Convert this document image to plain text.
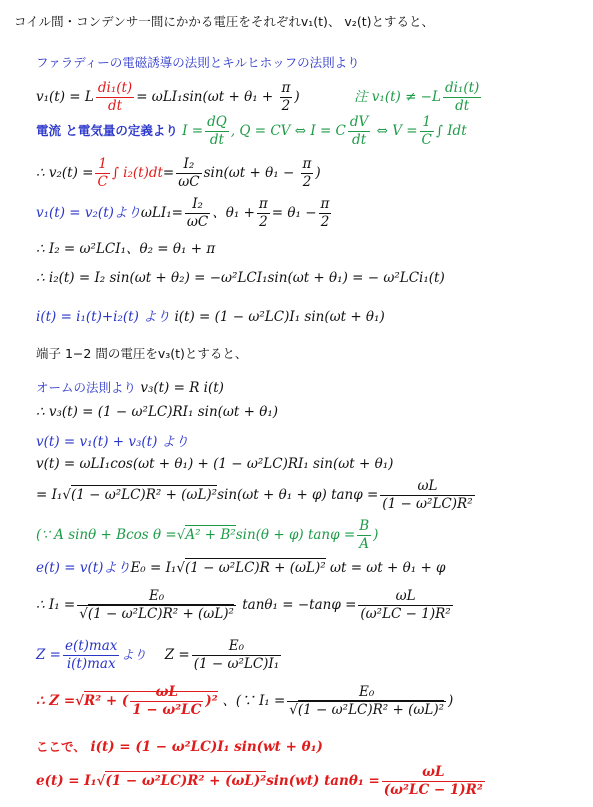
コイル間・コンデンサ一間にかかる電圧をそれぞれv₁(t)、 v₂(t)とすると、
ファラディーの電磁誘導の法則とキルヒホッフの法則より
v₁(t) = L $\frac{\text{di₁(t)}}{dt} = \omega LI_1\sin(\omega t + \theta_1 + \frac{\pi}{2}$ )	注 $v_1(t) \ne -L \frac{\text{di₁(t)}}{dt}$
電流 と電気量の定義より $I = \frac{dQ}{dt}$ , Q = CV ⇔ I = C $\frac{dV}{dt}$ ⇔ $V = \frac{1}{C}$ ∫ Idt
∴ $v_2(t) = \frac{1}{C}$ ∫ $i_2(t)dt= \frac{\text{I₂}}{\omega C} \sin(\omega t + \theta_1 - \frac{\pi}{2}$ )
v₁(t) = v₂(t)より$\omega LI_1= \frac{\text{I₂}}{\omega C}$ 、$\theta_1 + \frac{\pi}{2} = \theta_1 - \frac{\pi}{2}$
∴ I₂ = ω²LCI₁、θ₂ = θ₁ + π
∴ i₂(t) = I₂ sin(ωt + θ₂) = −ω²LCI₁sin(ωt + θ₁) = − ω²LCi₁(t)
i(t) = i₁(t)+i₂(t) より i(t) = (1 − ω²LC)I₁ sin(ωt + θ₁)
端子 1−2 間の電圧をv₃(t)とすると、
オームの法則より v₃(t) = R i(t)
∴ v₃(t) = (1 − ω²LC)RI₁ sin(ωt + θ₁)
v(t) = v₁(t) + v₃(t) より
v(t) = ωLI₁cos(ωt + θ₁) + (1 − ω²LC)RI₁ sin(ωt + θ₁)
= I₁√(1 − ω²LC)R² + (ωL)²sin(ωt + θ₁ + φ) $\tan\varphi = \frac{\omega L}{\text{(1 − ω²LC)R²}}$
(∵ A sinθ + Bcos θ =√A² + B²sin(θ + φ) $\tan\varphi = \frac{B}{A}$ )
e(t) = v(t)よりE₀ = I₁√(1 − ω²LC)R + (ωL)² ωt = ωt + θ₁ + φ
∴ $I_1 = \frac{\text{E₀}}{\text{√(1 − ω²LC)R² + (ωL)²}} \tan\theta_1 = -\tan\varphi = \frac{\omega L}{\text{(ω²LC − 1)R²}}$
$Z = \frac{e(t)\max}{i(t)\max}$ より $Z = \frac{\text{E₀}}{\text{(1 − ω²LC)I₁}}$
∴ Z =√R² + ( $\frac{\omega L}{\text{1 − ω²LC}} )^2$ 、(∵ $I_1 = \frac{\text{E₀}}{\text{√(1 − ω²LC)R² + (ωL)²}}$ )
ここで、 i(t) = (1 − ω²LC)I₁ sin(wt + θ₁)
e(t) = I₁√(1 − ω²LC)R² + (ωL)²sin(wt) $\tan\theta_1 = \frac{\omega L}{\text{(ω²LC − 1)R²}}$
